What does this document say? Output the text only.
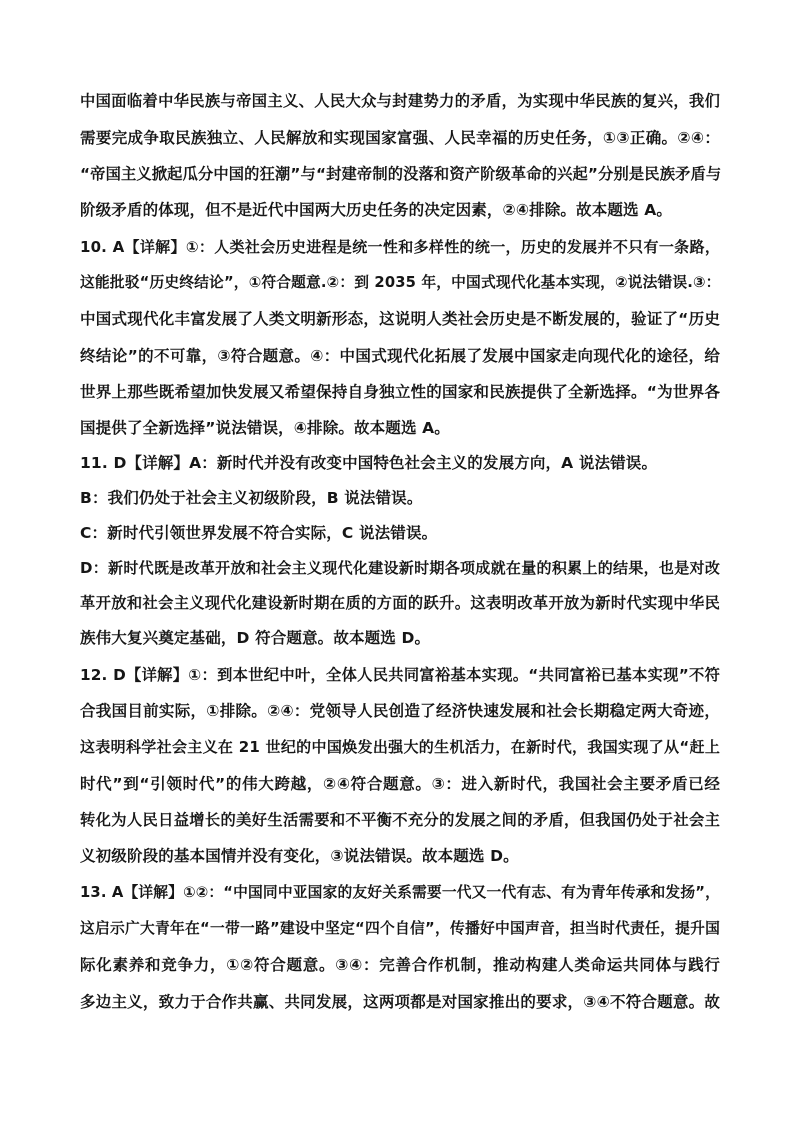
中国面临着中华民族与帝国主义、人民大众与封建势力的矛盾，为实现中华民族的复兴，我们
需要完成争取民族独立、人民解放和实现国家富强、人民幸福的历史任务，①③正确。②④：
“帝国主义掀起瓜分中国的狂潮”与“封建帝制的没落和资产阶级革命的兴起”分别是民族矛盾与
阶级矛盾的体现，但不是近代中国两大历史任务的决定因素，②④排除。故本题选 A。
10. A【详解】①：人类社会历史进程是统一性和多样性的统一，历史的发展并不只有一条路，
这能批驳“历史终结论”，①符合题意.②：到 2035 年，中国式现代化基本实现，②说法错误.③：
中国式现代化丰富发展了人类文明新形态，这说明人类社会历史是不断发展的，验证了“历史
终结论”的不可靠，③符合题意。④：中国式现代化拓展了发展中国家走向现代化的途径，给
世界上那些既希望加快发展又希望保持自身独立性的国家和民族提供了全新选择。“为世界各
国提供了全新选择”说法错误，④排除。故本题选 A。
11. D【详解】A：新时代并没有改变中国特色社会主义的发展方向，A 说法错误。
B：我们仍处于社会主义初级阶段，B 说法错误。
C：新时代引领世界发展不符合实际，C 说法错误。
D：新时代既是改革开放和社会主义现代化建设新时期各项成就在量的积累上的结果，也是对改
革开放和社会主义现代化建设新时期在质的方面的跃升。这表明改革开放为新时代实现中华民
族伟大复兴奠定基础，D 符合题意。故本题选 D。
12. D【详解】①：到本世纪中叶，全体人民共同富裕基本实现。“共同富裕已基本实现”不符
合我国目前实际，①排除。②④：党领导人民创造了经济快速发展和社会长期稳定两大奇迹，
这表明科学社会主义在 21 世纪的中国焕发出强大的生机活力，在新时代，我国实现了从“赶上
时代”到“引领时代”的伟大跨越，②④符合题意。③：进入新时代，我国社会主要矛盾已经
转化为人民日益增长的美好生活需要和不平衡不充分的发展之间的矛盾，但我国仍处于社会主
义初级阶段的基本国情并没有变化，③说法错误。故本题选 D。
13. A【详解】①②：“中国同中亚国家的友好关系需要一代又一代有志、有为青年传承和发扬”，
这启示广大青年在“一带一路”建设中坚定“四个自信”，传播好中国声音，担当时代责任，提升国
际化素养和竞争力，①②符合题意。③④：完善合作机制，推动构建人类命运共同体与践行
多边主义，致力于合作共赢、共同发展，这两项都是对国家推出的要求，③④不符合题意。故
